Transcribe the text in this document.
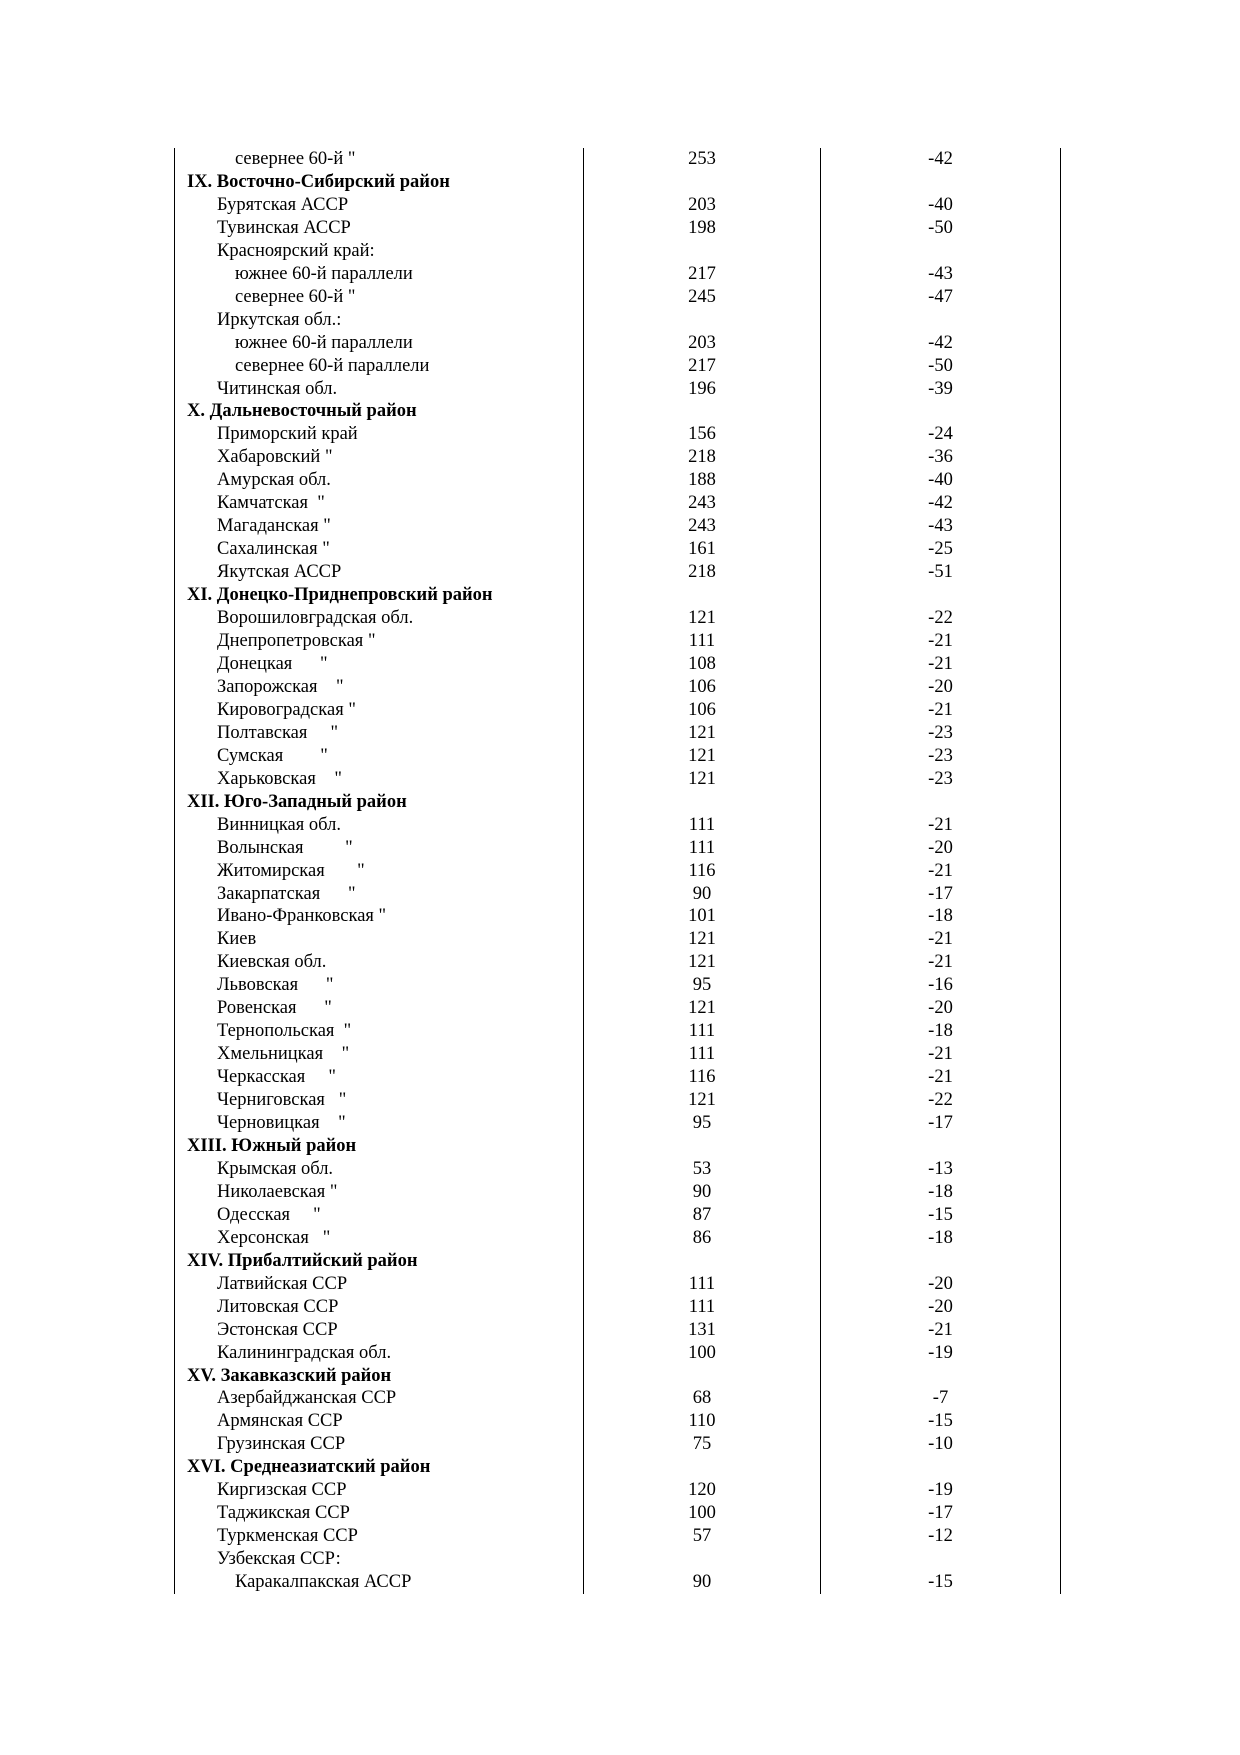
севернее 60-й "	253	-42
IX. Восточно-Сибирский район		
Бурятская АССР	203	-40
Тувинская АССР	198	-50
Красноярский край:		
южнее 60-й параллели	217	-43
севернее 60-й "	245	-47
Иркутская обл.:		
южнее 60-й параллели	203	-42
севернее 60-й параллели	217	-50
Читинская обл.	196	-39
X. Дальневосточный район		
Приморский край	156	-24
Хабаровский "	218	-36
Амурская обл.	188	-40
Камчатская  "	243	-42
Магаданская "	243	-43
Сахалинская "	161	-25
Якутская АССР	218	-51
XI. Донецко-Приднепровский район		
Ворошиловградская обл.	121	-22
Днепропетровская "	111	-21
Донецкая      "	108	-21
Запорожская    "	106	-20
Кировоградская "	106	-21
Полтавская     "	121	-23
Сумская        "	121	-23
Харьковская    "	121	-23
XII. Юго-Западный район		
Винницкая обл.	111	-21
Волынская         "	111	-20
Житомирская       "	116	-21
Закарпатская      "	90	-17
Ивано-Франковская "	101	-18
Киев	121	-21
Киевская обл.	121	-21
Львовская      "	95	-16
Ровенская      "	121	-20
Тернопольская  "	111	-18
Хмельницкая    "	111	-21
Черкасская     "	116	-21
Черниговская   "	121	-22
Черновицкая    "	95	-17
XIII. Южный район		
Крымская обл.	53	-13
Николаевская "	90	-18
Одесская     "	87	-15
Херсонская   "	86	-18
XIV. Прибалтийский район		
Латвийская ССР	111	-20
Литовская ССР	111	-20
Эстонская ССР	131	-21
Калининградская обл.	100	-19
XV. Закавказский район		
Азербайджанская ССР	68	-7
Армянская ССР	110	-15
Грузинская ССР	75	-10
XVI. Среднеазиатский район		
Киргизская ССР	120	-19
Таджикская ССР	100	-17
Туркменская ССР	57	-12
Узбекская ССР:		
Каракалпакская АССР	90	-15
